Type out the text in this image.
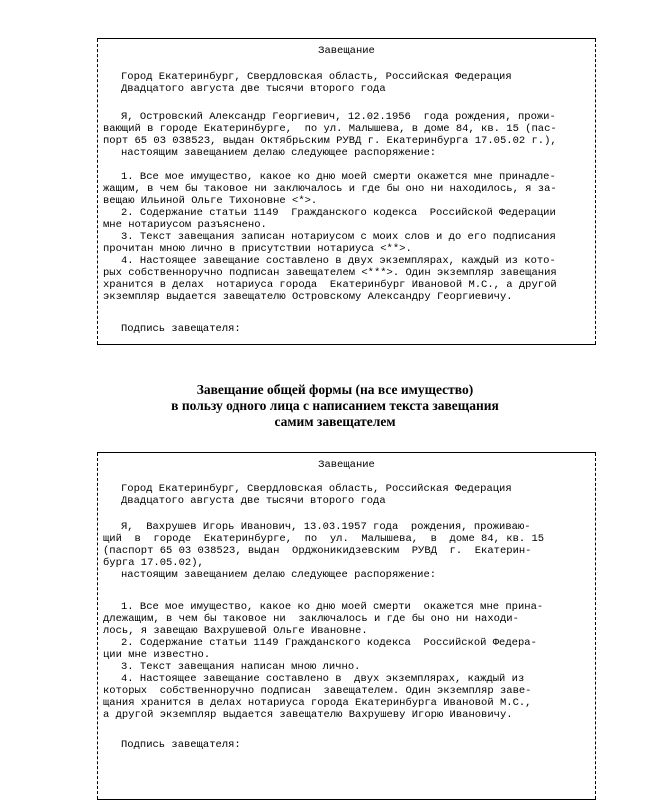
Завещание
Город Екатеринбург, Свердловская область, Российская Федерация
Двадцатого августа две тысячи второго года
Я, Островский Александр Георгиевич, 12.02.1956  года рождения, прожи-
вающий в городе Екатеринбурге,  по ул. Малышева, в доме 84, кв. 15 (пас-
порт 65 03 038523, выдан Октябрьским РУВД г. Екатеринбурга 17.05.02 г.),
настоящим завещанием делаю следующее распоряжение:
1. Все мое имущество, какое ко дню моей смерти окажется мне принадле-
жащим, в чем бы таковое ни заключалось и где бы оно ни находилось, я за-
вещаю Ильиной Ольге Тихоновне <*>.
2. Содержание статьи 1149  Гражданского кодекса  Российской Федерации
мне нотариусом разъяснено.
3. Текст завещания записан нотариусом с моих слов и до его подписания
прочитан мною лично в присутствии нотариуса <**>.
4. Настоящее завещание составлено в двух экземплярах, каждый из кото-
рых собственноручно подписан завещателем <***>. Один экземпляр завещания
хранится в делах  нотариуса города  Екатеринбург Ивановой М.С., а другой
экземпляр выдается завещателю Островскому Александру Георгиевичу.
Подпись завещателя:
Завещание общей формы (на все имущество)
в пользу одного лица с написанием текста завещания
самим завещателем
Завещание
Город Екатеринбург, Свердловская область, Российская Федерация
Двадцатого августа две тысячи второго года
Я,  Вахрушев Игорь Иванович, 13.03.1957 года  рождения, проживаю-
щий  в  городе  Екатеринбурге,  по  ул.  Малышева,  в  доме 84, кв. 15
(паспорт 65 03 038523, выдан  Орджоникидзевским  РУВД  г.  Екатерин-
бурга 17.05.02),
настоящим завещанием делаю следующее распоряжение:
1. Все мое имущество, какое ко дню моей смерти  окажется мне прина-
длежащим, в чем бы таковое ни  заключалось и где бы оно ни находи-
лось, я завещаю Вахрушевой Ольге Ивановне.
2. Содержание статьи 1149 Гражданского кодекса  Российской Федера-
ции мне известно.
3. Текст завещания написан мною лично.
4. Настоящее завещание составлено в  двух экземплярах, каждый из
которых  собственноручно подписан  завещателем. Один экземпляр заве-
щания хранится в делах нотариуса города Екатеринбурга Ивановой М.С.,
а другой экземпляр выдается завещателю Вахрушеву Игорю Ивановичу.
Подпись завещателя:
